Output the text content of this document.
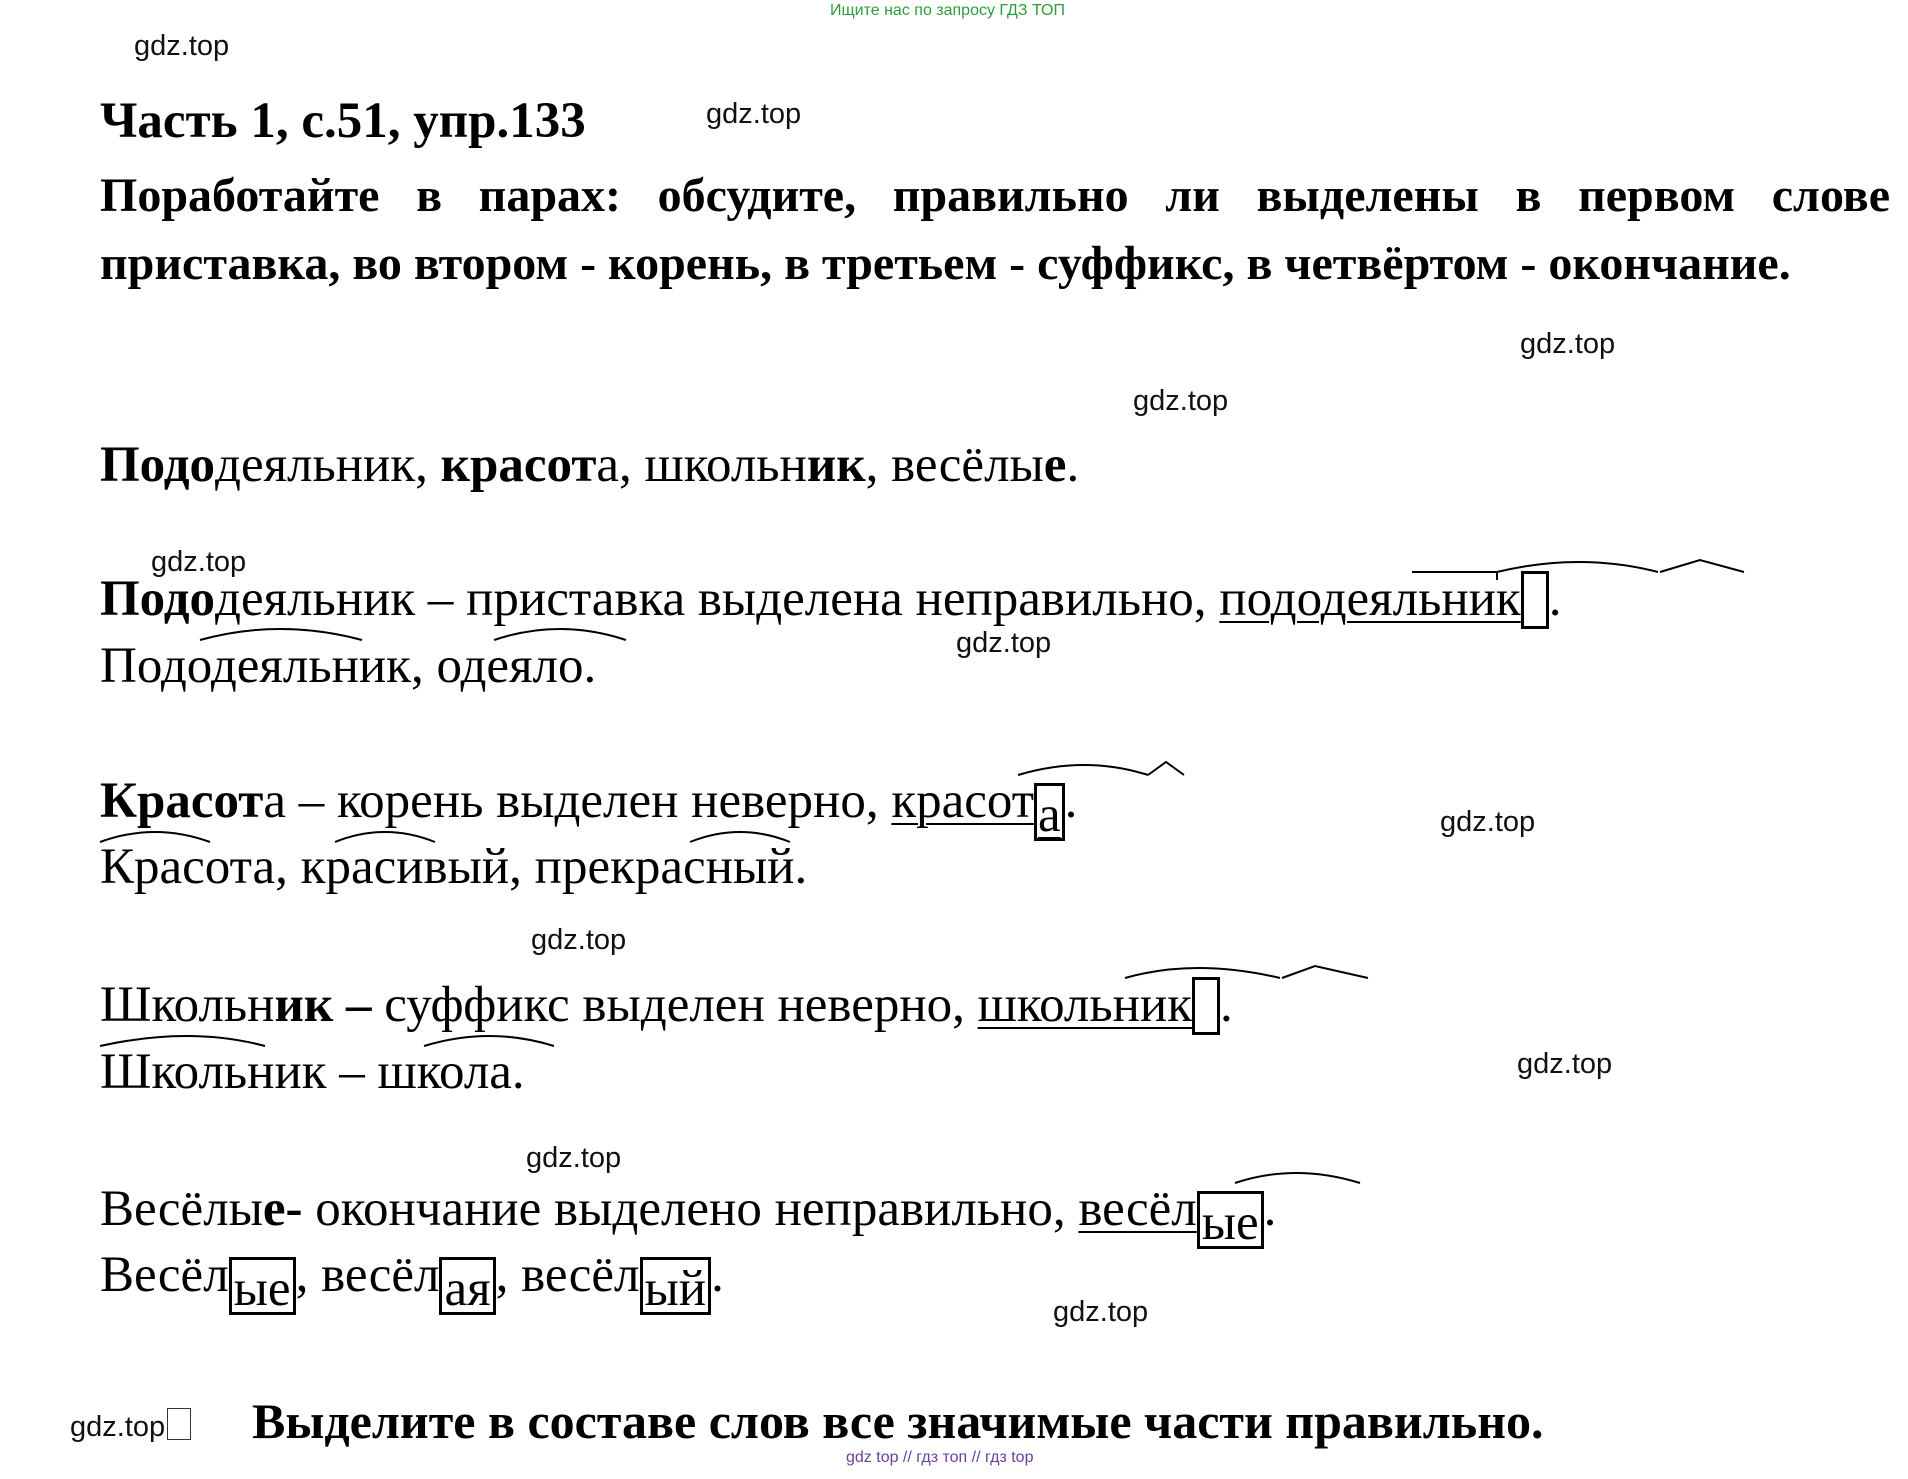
Ищите нас по запросу ГДЗ ТОП
gdz top // гдз топ // гдз top
gdz.top
gdz.top
gdz.top
gdz.top
gdz.top
gdz.top
gdz.top
gdz.top
gdz.top
gdz.top
gdz.top
Часть 1, с.51, упр.133
Поработайте в парах: обсудите, правильно ли выделены в первом слове приставка, во втором - корень, в третьем - суффикс, в четвёртом - окончание.
Пододеяльник, красота, школьник, весёлые.
Пододеяльник – приставка выделена неправильно, пододеяльник .
Пододеяльник, одеяло.
Красота – корень выделен неверно, красота.
Красота, красивый, прекрасный.
Школьник – суффикс выделен неверно, школьник .
Школьник – школа.
Весёлые- окончание выделено неправильно, весёлые.
Весёлые, весёлая, весёлый.
gdz.top	Выделите в составе слов все значимые части правильно.
